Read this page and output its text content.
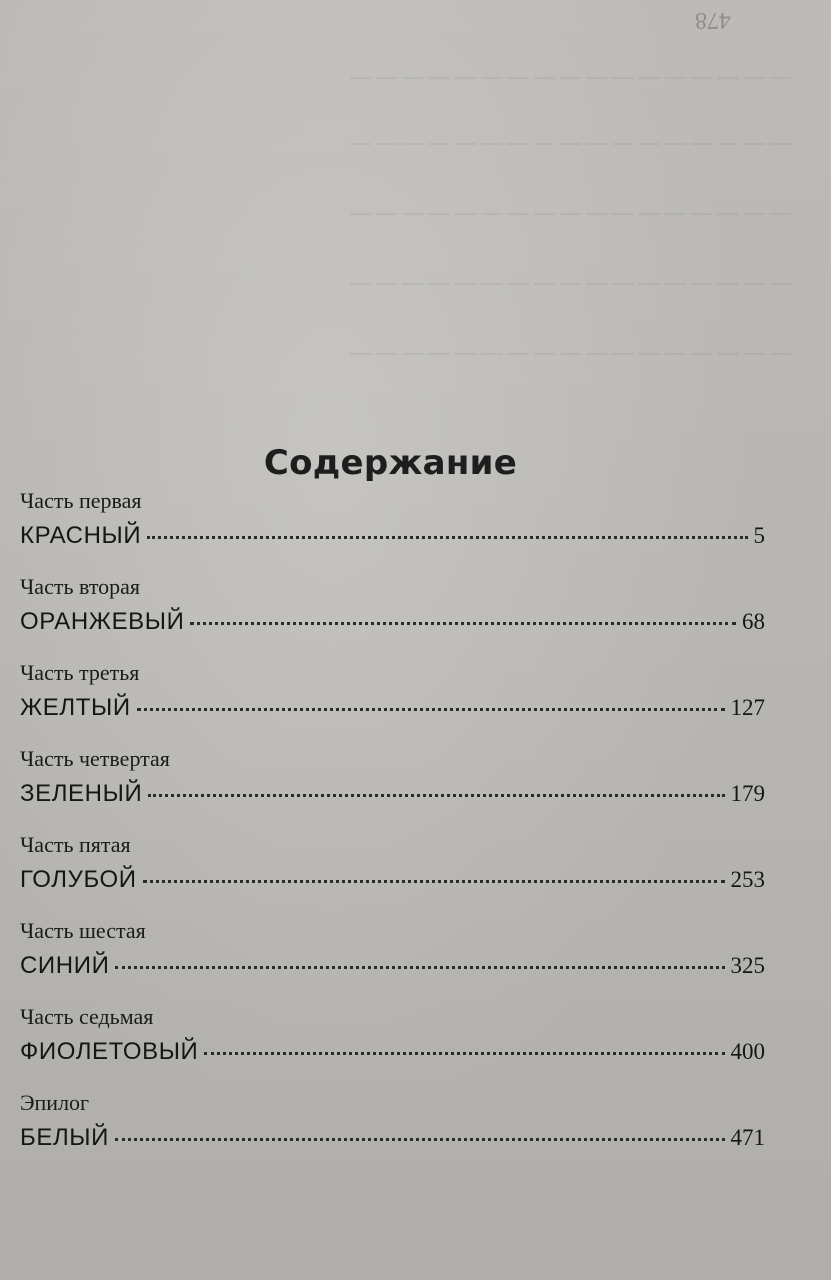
478
— — — — — — — — — — — — — — — — —
— — — — — — — — — — — — — — — — —
— — — — — — — — — — — — — — — — —
— — — — — — — — — — — — — — — — —
— — — — — — — — — — — — — — — — —
Содержание
Часть первая
КРАСНЫЙ	5
Часть вторая
ОРАНЖЕВЫЙ	68
Часть третья
ЖЕЛТЫЙ	127
Часть четвертая
ЗЕЛЕНЫЙ	179
Часть пятая
ГОЛУБОЙ	253
Часть шестая
СИНИЙ	325
Часть седьмая
ФИОЛЕТОВЫЙ	400
Эпилог
БЕЛЫЙ	471
